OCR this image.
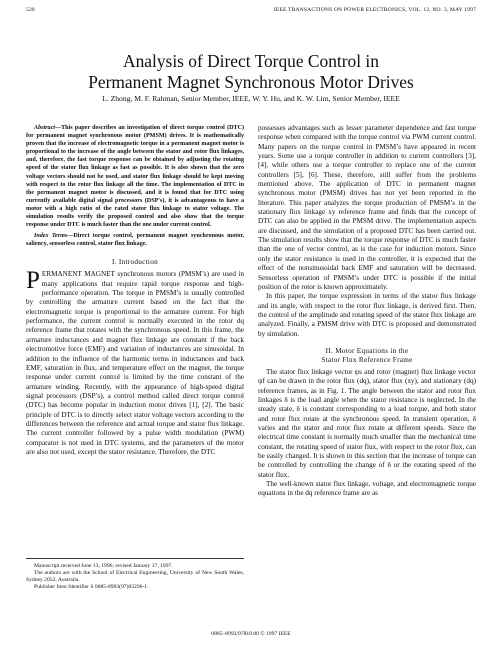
528	IEEE TRANSACTIONS ON POWER ELECTRONICS, VOL. 12, NO. 3, MAY 1997
Analysis of Direct Torque Control in
Permanent Magnet Synchronous Motor Drives
L. Zhong, M. F. Rahman, Senior Member, IEEE, W. Y. Hu, and K. W. Lim, Senior Member, IEEE

Abstract—This paper describes an investigation of direct torque control (DTC) for permanent magnet synchronous motor (PMSM) drives. It is mathematically proven that the increase of electromagnetic torque in a permanent magnet motor is proportional to the increase of the angle between the stator and rotor flux linkages, and, therefore, the fast torque response can be obtained by adjusting the rotating speed of the stator flux linkage as fast as possible. It is also shown that the zero voltage vectors should not be used, and stator flux linkage should be kept moving with respect to the rotor flux linkage all the time. The implementation of DTC in the permanent magnet motor is discussed, and it is found that for DTC using currently available digital signal processors (DSP's), it is advantageous to have a motor with a high ratio of the rated stator flux linkage to stator voltage. The simulation results verify the proposed control and also show that the torque response under DTC is much faster than the one under current control.

Index Terms—Direct torque control, permanent magnet synchronous motor, saliency, sensorless control, stator flux linkage.

I. Introduction

PERMANENT MAGNET synchronous motors (PMSM’s) are used in many applications that require rapid torque response and high-performance operation. The torque in PMSM’s is usually controlled by controlling the armature current based on the fact that the electromagnetic torque is proportional to the armature current. For high performance, the current control is normally executed in the rotor dq reference frame that rotates with the synchronous speed. In this frame, the armature inductances and magnet flux linkage are constant if the back electromotive force (EMF) and variation of inductances are sinusoidal. In addition to the influence of the harmonic terms in inductances and back EMF, saturation in flux, and temperature effect on the magnet, the torque response under current control is limited by the time constant of the armature winding. Recently, with the appearance of high-speed digital signal processors (DSP’s), a control method called direct torque control (DTC) has become popular in induction motor drives [1], [2]. The basic principle of DTC is to directly select stator voltage vectors according to the differences between the reference and actual torque and stator flux linkage. The current controller followed by a pulse width modulation (PWM) comparator is not used in DTC systems, and the parameters of the motor are also not used, except the stator resistance. Therefore, the DTC

possesses advantages such as lesser parameter dependence and fast torque response when compared with the torque control via PWM current control. Many papers on the torque control in PMSM’s have appeared in recent years. Some use a torque controller in addition to current controllers [3], [4], while others use a torque controller to replace one of the current controllers [5], [6]. These, therefore, still suffer from the problems mentioned above. The application of DTC in permanent magnet synchronous motor (PMSM) drives has not yet been reported in the literature. This paper analyzes the torque production of PMSM’s in the stationary flux linkage xy reference frame and finds that the concept of DTC can also be applied in the PMSM drive. The implementation aspects are discussed, and the simulation of a proposed DTC has been carried out. The simulation results show that the torque response of DTC is much faster than the one of vector control, as is the case for induction motors. Since only the stator resistance is used in the controller, it is expected that the effect of the nonsinusoidal back EMF and saturation will be decreased. Sensorless operation of PMSM’s under DTC is possible if the initial position of the rotor is known approximately.

In this paper, the torque expression in terms of the stator flux linkage and its angle, with respect to the rotor flux linkage, is derived first. Then, the control of the amplitude and rotating speed of the stator flux linkage are analyzed. Finally, a PMSM drive with DTC is proposed and demonstrated by simulation.

II. Motor Equations in the
Stator Flux Reference Frame

The stator flux linkage vector ψs and rotor (magnet) flux linkage vector ψf can be drawn in the rotor flux (dq), stator flux (xy), and stationary (dq) reference frames, as in Fig. 1. The angle between the stator and rotor flux linkages δ is the load angle when the stator resistance is neglected. In the steady state, δ is constant corresponding to a load torque, and both stator and rotor flux rotate at the synchronous speed. In transient operation, δ varies and the stator and rotor flux rotate at different speeds. Since the electrical time constant is normally much smaller than the mechanical time constant, the rotating speed of stator flux, with respect to the rotor flux, can be easily changed. It is shown in this section that the increase of torque can be controlled by controlling the change of δ or the rotating speed of the stator flux.

The well-known stator flux linkage, voltage, and electromagnetic torque equations in the dq reference frame are as

Manuscript received June 13, 1996; revised January 17, 1997.

The authors are with the School of Electrical Engineering, University of New South Wales, Sydney 2052, Australia.

Publisher Item Identifier S 0885-8993(97)03296-1.

0885–8993/97$10.00 © 1997 IEEE
